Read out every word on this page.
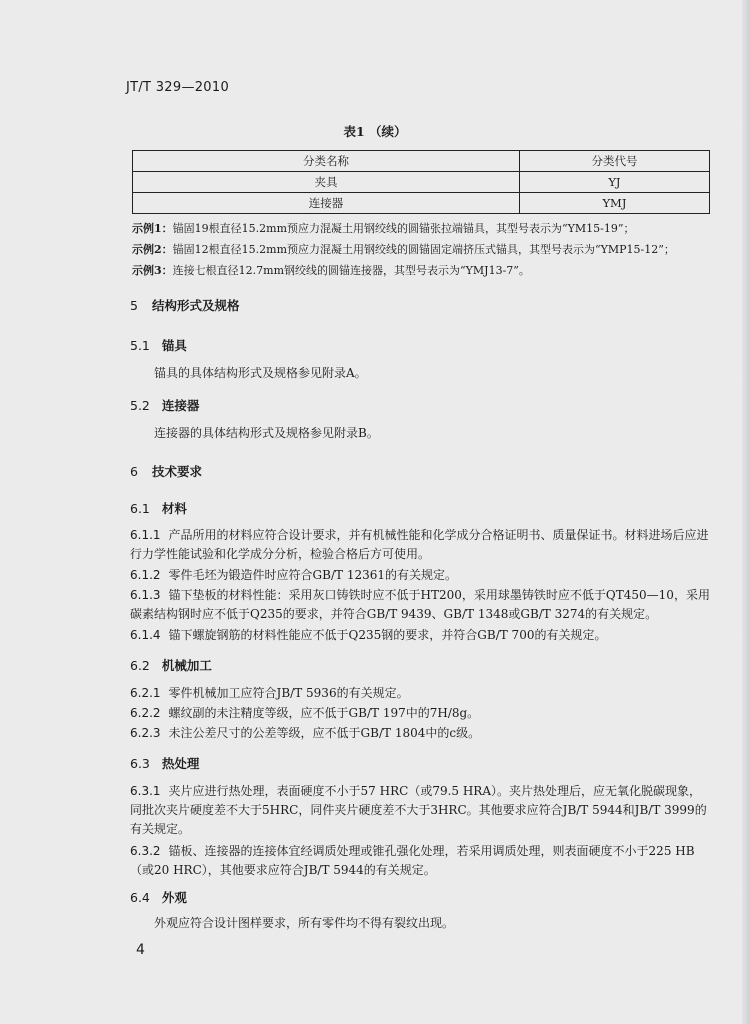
JT/T 329—2010
表1 （续）
分类名称	分类代号
夹具	YJ
连接器	YMJ
示例1：锚固19根直径15.2mm预应力混凝土用钢绞线的圆锚张拉端锚具，其型号表示为“YM15-19”；
示例2：锚固12根直径15.2mm预应力混凝土用钢绞线的圆锚固定端挤压式锚具，其型号表示为“YMP15-12”；
示例3：连接七根直径12.7mm钢绞线的圆锚连接器，其型号表示为“YMJ13-7”。
5 结构形式及规格
5.1 锚具
锚具的具体结构形式及规格参见附录A。
5.2 连接器
连接器的具体结构形式及规格参见附录B。
6 技术要求
6.1 材料
6.1.1 产品所用的材料应符合设计要求，并有机械性能和化学成分合格证明书、质量保证书。材料进场后应进行力学性能试验和化学成分分析，检验合格后方可使用。
6.1.2 零件毛坯为锻造件时应符合GB/T 12361的有关规定。
6.1.3 锚下垫板的材料性能：采用灰口铸铁时应不低于HT200，采用球墨铸铁时应不低于QT450—10，采用碳素结构钢时应不低于Q235的要求，并符合GB/T 9439、GB/T 1348或GB/T 3274的有关规定。
6.1.4 锚下螺旋钢筋的材料性能应不低于Q235钢的要求，并符合GB/T 700的有关规定。
6.2 机械加工
6.2.1 零件机械加工应符合JB/T 5936的有关规定。
6.2.2 螺纹副的未注精度等级，应不低于GB/T 197中的7H/8g。
6.2.3 未注公差尺寸的公差等级，应不低于GB/T 1804中的c级。
6.3 热处理
6.3.1 夹片应进行热处理，表面硬度不小于57 HRC（或79.5 HRA）。夹片热处理后，应无氧化脱碳现象，同批次夹片硬度差不大于5HRC，同件夹片硬度差不大于3HRC。其他要求应符合JB/T 5944和JB/T 3999的有关规定。
6.3.2 锚板、连接器的连接体宜经调质处理或锥孔强化处理，若采用调质处理，则表面硬度不小于225 HB（或20 HRC），其他要求应符合JB/T 5944的有关规定。
6.4 外观
外观应符合设计图样要求，所有零件均不得有裂纹出现。
4
